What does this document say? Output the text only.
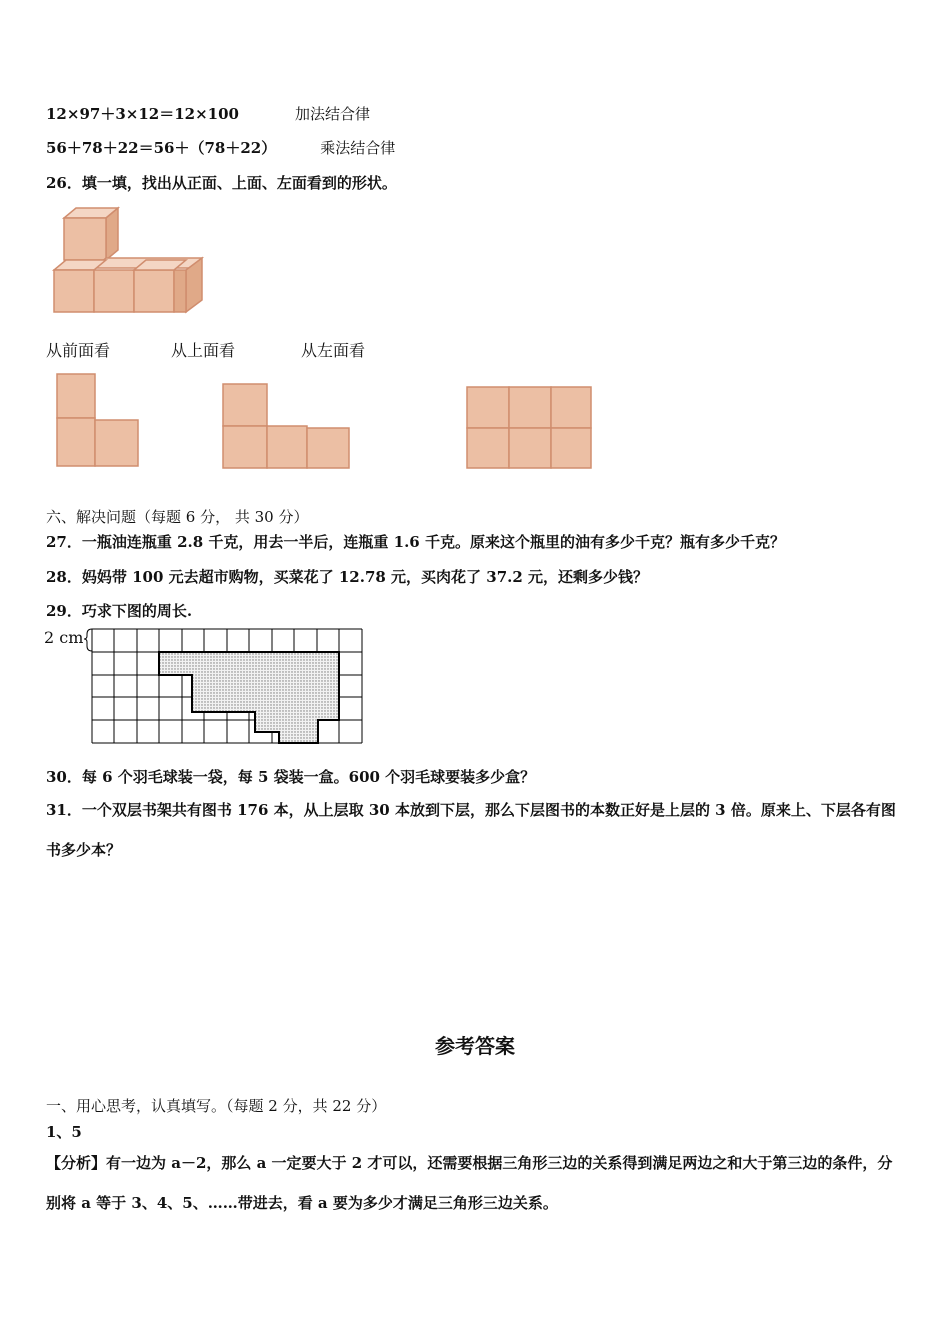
12×97＋3×12＝12×100	加法结合律
56＋78＋22＝56＋（78＋22）	乘法结合律
26．填一填，找出从正面、上面、左面看到的形状。
从前面看	从上面看	从左面看
六、解决问题（每题 6 分， 共 30 分）
27．一瓶油连瓶重 2.8 千克，用去一半后，连瓶重 1.6 千克。原来这个瓶里的油有多少千克？瓶有多少千克？
28．妈妈带 100 元去超市购物，买菜花了 12.78 元，买肉花了 37.2 元，还剩多少钱？
29．巧求下图的周长.
2 cm
30．每 6 个羽毛球装一袋，每 5 袋装一盒。600 个羽毛球要装多少盒？
31．一个双层书架共有图书 176 本，从上层取 30 本放到下层，那么下层图书的本数正好是上层的 3 倍。原来上、下层各有图书多少本？
参考答案
一、用心思考，认真填写。（每题 2 分，共 22 分）
1、5
【分析】有一边为 a－2，那么 a 一定要大于 2 才可以，还需要根据三角形三边的关系得到满足两边之和大于第三边的条件，分别将 a 等于 3、4、5、……带进去，看 a 要为多少才满足三角形三边关系。
